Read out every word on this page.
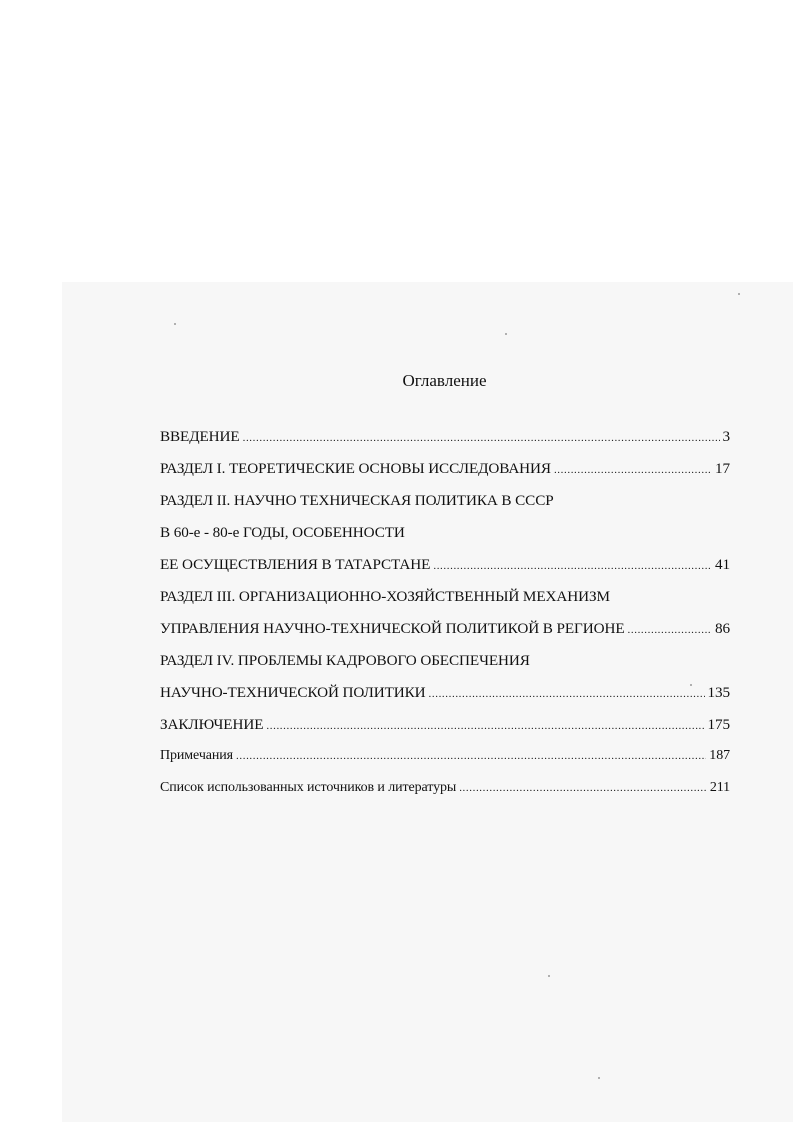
Оглавление
ВВЕДЕНИЕ .....	3
РАЗДЕЛ I. ТЕОРЕТИЧЕСКИЕ ОСНОВЫ ИССЛЕДОВАНИЯ .....	17
РАЗДЕЛ II. НАУЧНО ТЕХНИЧЕСКАЯ ПОЛИТИКА В СССР
В 60-е - 80-е ГОДЫ, ОСОБЕННОСТИ
ЕЕ ОСУЩЕСТВЛЕНИЯ В ТАТАРСТАНЕ .....	41
РАЗДЕЛ III. ОРГАНИЗАЦИОННО-ХОЗЯЙСТВЕННЫЙ МЕХАНИЗМ
УПРАВЛЕНИЯ НАУЧНО-ТЕХНИЧЕСКОЙ ПОЛИТИКОЙ В РЕГИОНЕ .....	86
РАЗДЕЛ IV. ПРОБЛЕМЫ КАДРОВОГО ОБЕСПЕЧЕНИЯ
НАУЧНО-ТЕХНИЧЕСКОЙ ПОЛИТИКИ .....	135
ЗАКЛЮЧЕНИЕ .....	175
Примечания .....	187
Список использованных источников и литературы .....	211
